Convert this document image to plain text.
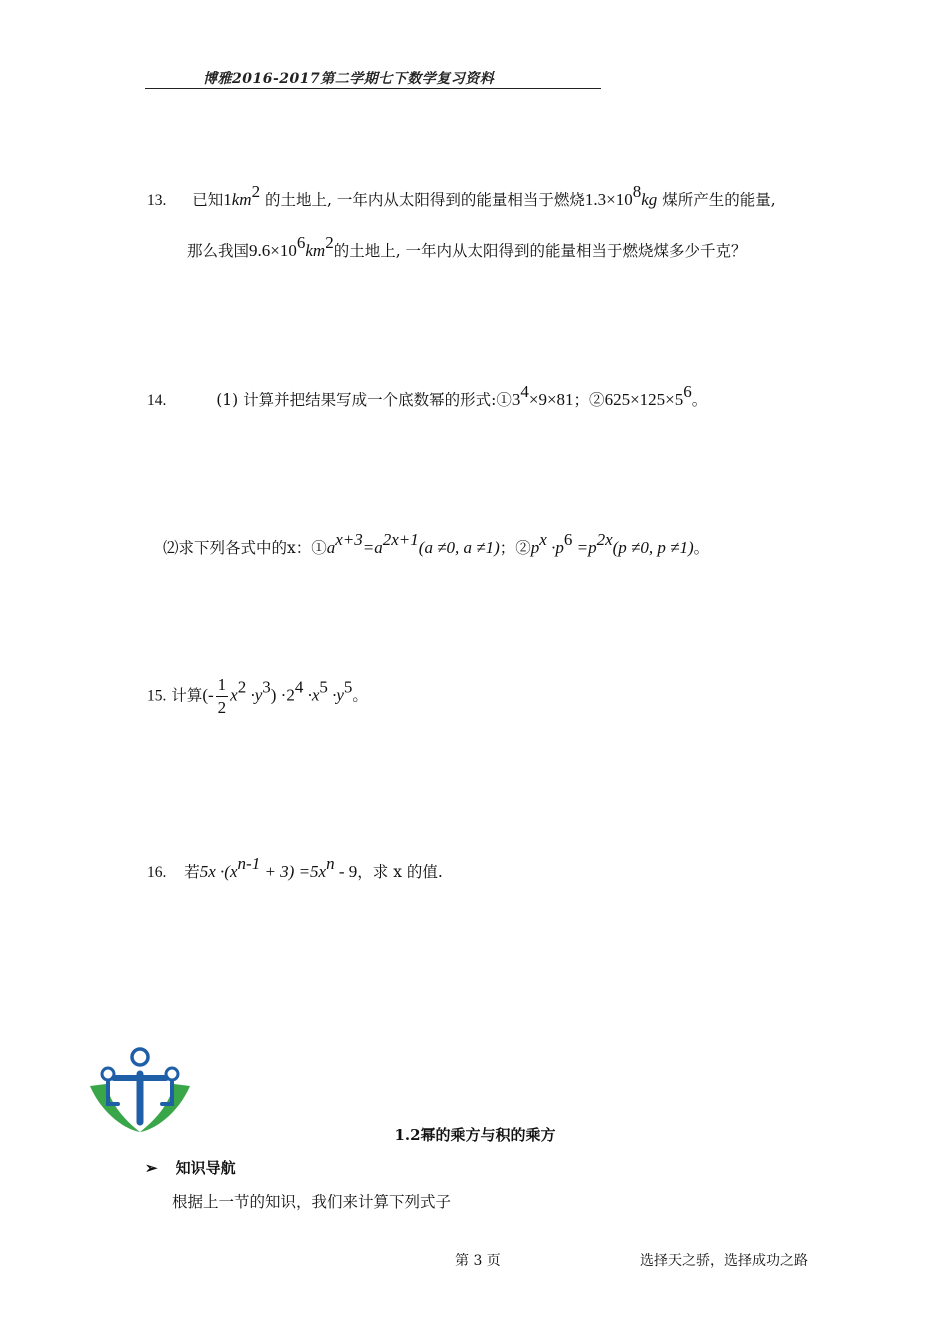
博雅2016-2017第二学期七下数学复习资料
13. 已知$1km^2$ 的土地上, 一年内从太阳得到的能量相当于燃烧$1.3\times 10^8kg$ 煤所产生的能量,
那么我国$9.6\times 10^6km^2$的土地上, 一年内从太阳得到的能量相当于燃烧煤多少千克？
14.	(1) 计算并把结果写成一个底数幂的形式$:①3^4\times 9\times 81$；$②625\times 125\times 5^6$。
⑵求下列各式中的x：$①a^{x+3}=a^{2x+1}(a \ne 0$, a ≠1)；$②p^x \cdot p^6 =p^{2x}(p \ne 0$, p ≠1)。
15. 计算(- $\frac{1}{2} x^2 \cdot y^3) \cdot 2^4 \cdot x^5 \cdot y^5$。
16. 若$5x \cdot(x^{n-1} + 3) =5x^n - 9$，求 x 的值.
1.2幂的乘方与积的乘方
➢ 知识导航
根据上一节的知识，我们来计算下列式子
第 3 页	选择天之骄，选择成功之路
